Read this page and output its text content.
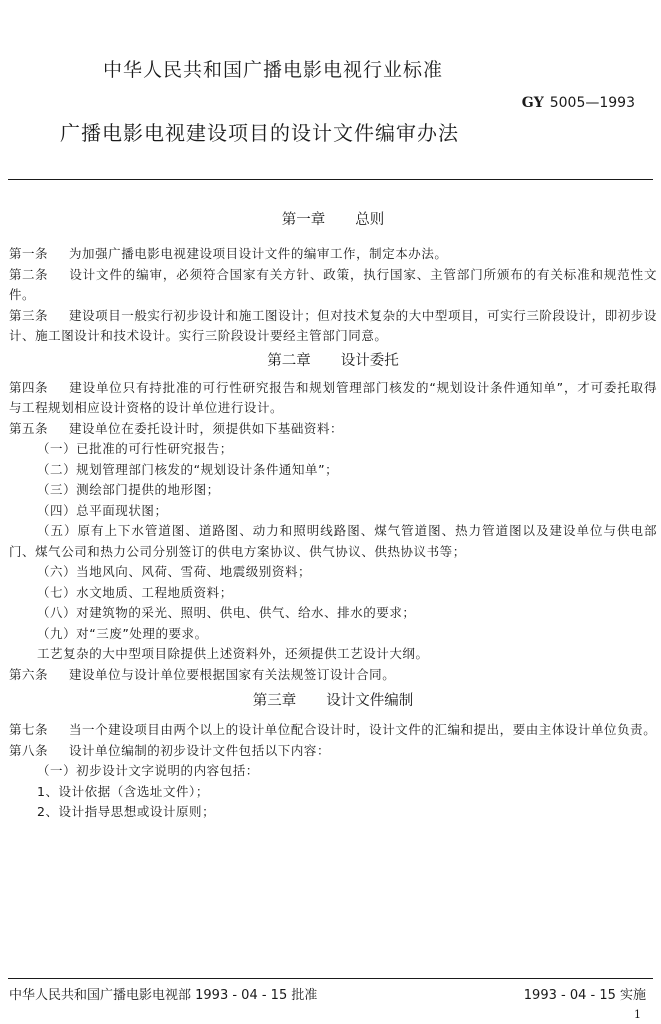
中华人民共和国广播电影电视行业标准
GY 5005—1993
广播电影电视建设项目的设计文件编审办法
第一章 总则

第一条 为加强广播电影电视建设项目设计文件的编审工作，制定本办法。

第二条 设计文件的编审，必须符合国家有关方针、政策，执行国家、主管部门所颁布的有关标准和规范性文件。

第三条 建设项目一般实行初步设计和施工图设计；但对技术复杂的大中型项目，可实行三阶段设计，即初步设计、施工图设计和技术设计。实行三阶段设计要经主管部门同意。

第二章 设计委托

第四条 建设单位只有持批准的可行性研究报告和规划管理部门核发的“规划设计条件通知单”，才可委托取得与工程规划相应设计资格的设计单位进行设计。

第五条 建设单位在委托设计时，须提供如下基础资料：

（一）已批准的可行性研究报告；

（二）规划管理部门核发的“规划设计条件通知单”；

（三）测绘部门提供的地形图；

（四）总平面现状图；

（五）原有上下水管道图、道路图、动力和照明线路图、煤气管道图、热力管道图以及建设单位与供电部门、煤气公司和热力公司分别签订的供电方案协议、供气协议、供热协议书等；

（六）当地风向、风荷、雪荷、地震级别资料；

（七）水文地质、工程地质资料；

（八）对建筑物的采光、照明、供电、供气、给水、排水的要求；

（九）对“三废”处理的要求。

工艺复杂的大中型项目除提供上述资料外，还须提供工艺设计大纲。

第六条 建设单位与设计单位要根据国家有关法规签订设计合同。

第三章 设计文件编制

第七条 当一个建设项目由两个以上的设计单位配合设计时，设计文件的汇编和提出，要由主体设计单位负责。

第八条 设计单位编制的初步设计文件包括以下内容：

（一）初步设计文字说明的内容包括：

1、设计依据（含选址文件）；

2、设计指导思想或设计原则；

中华人民共和国广播电影电视部 1993 - 04 - 15 批准	1993 - 04 - 15 实施
1
